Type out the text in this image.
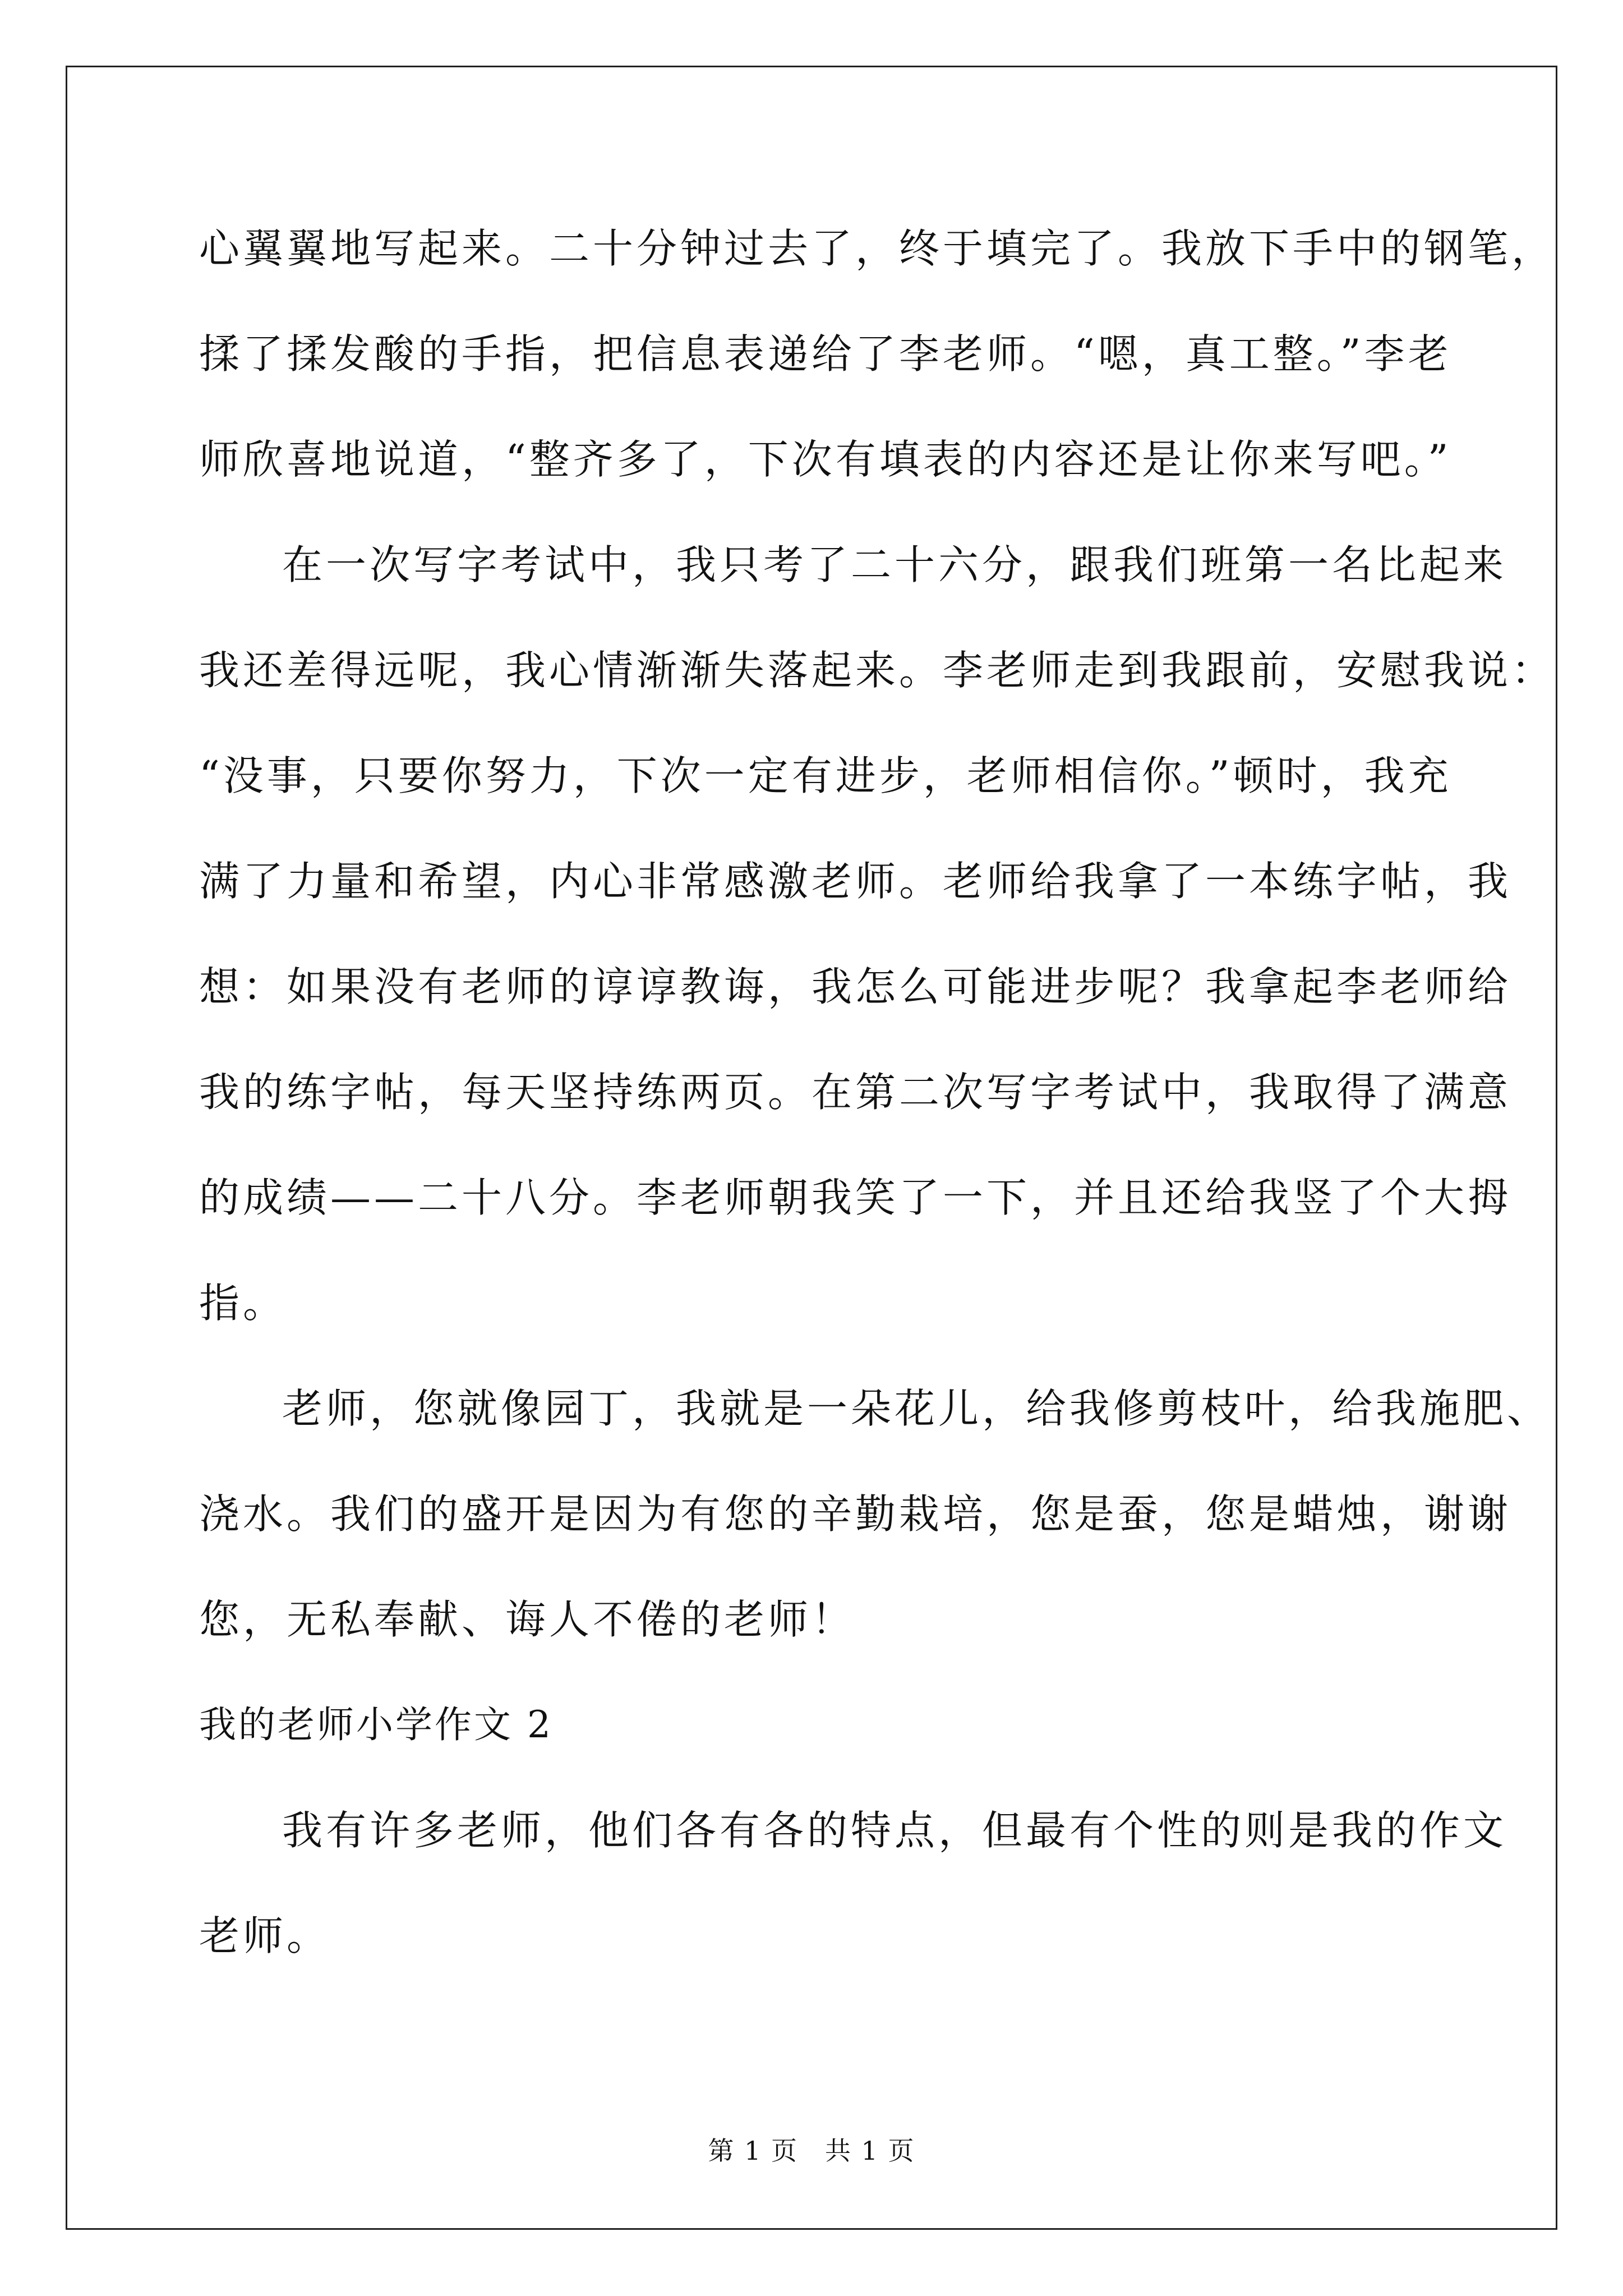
心翼翼地写起来。二十分钟过去了，终于填完了。我放下手中的钢笔，

揉了揉发酸的手指，把信息表递给了李老师。“嗯，真工整。”李老

师欣喜地说道，“整齐多了，下次有填表的内容还是让你来写吧。”

在一次写字考试中，我只考了二十六分，跟我们班第一名比起来

我还差得远呢，我心情渐渐失落起来。李老师走到我跟前，安慰我说：

“没事，只要你努力，下次一定有进步，老师相信你。”顿时，我充

满了力量和希望，内心非常感激老师。老师给我拿了一本练字帖，我

想：如果没有老师的谆谆教诲，我怎么可能进步呢？我拿起李老师给

我的练字帖，每天坚持练两页。在第二次写字考试中，我取得了满意

的成绩——二十八分。李老师朝我笑了一下，并且还给我竖了个大拇

指。

老师，您就像园丁，我就是一朵花儿，给我修剪枝叶，给我施肥、

浇水。我们的盛开是因为有您的辛勤栽培，您是蚕，您是蜡烛，谢谢

您，无私奉献、诲人不倦的老师！

我的老师小学作文 2

我有许多老师，他们各有各的特点，但最有个性的则是我的作文

老师。

第 1 页　共 1 页
